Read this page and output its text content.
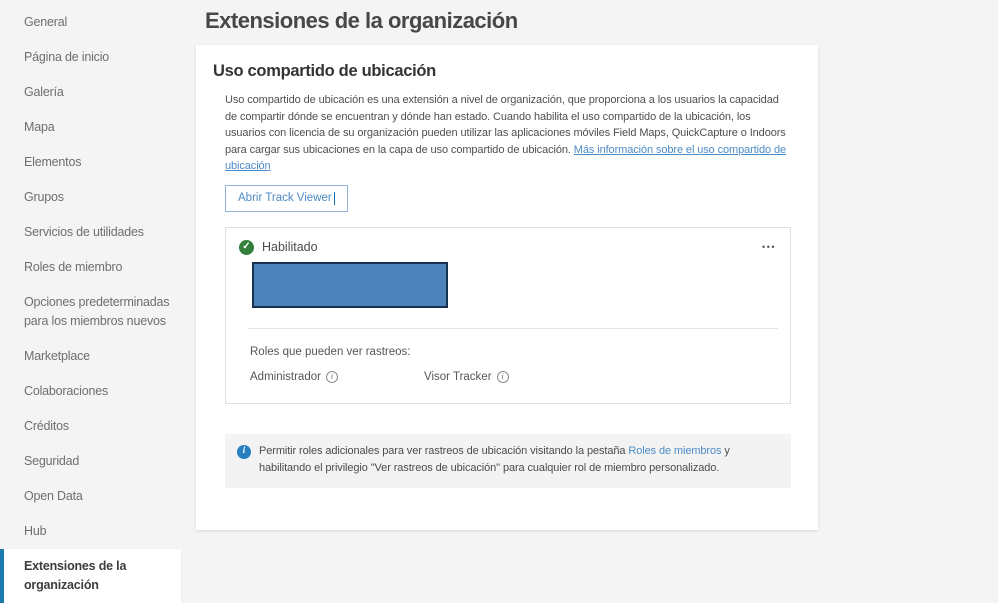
General
Página de inicio
Galería
Mapa
Elementos
Grupos
Servicios de utilidades
Roles de miembro
Opciones predeterminadas para los miembros nuevos
Marketplace
Colaboraciones
Créditos
Seguridad
Open Data
Hub
Extensiones de la organización
Extensiones de la organización
Uso compartido de ubicación

Uso compartido de ubicación es una extensión a nivel de organización, que proporciona a los usuarios la capacidad de compartir dónde se encuentran y dónde han estado. Cuando habilita el uso compartido de la ubicación, los usuarios con licencia de su organización pueden utilizar las aplicaciones móviles Field Maps, QuickCapture o Indoors para cargar sus ubicaciones en la capa de uso compartido de ubicación. Más información sobre el uso compartido de ubicación

Abrir Track Viewer
✓ Habilitado	•••
Roles que pueden ver rastreos:
Administrador	i	Visor Tracker	i
i	Permitir roles adicionales para ver rastreos de ubicación visitando la pestaña Roles de miembros y habilitando el privilegio "Ver rastreos de ubicación" para cualquier rol de miembro personalizado.
